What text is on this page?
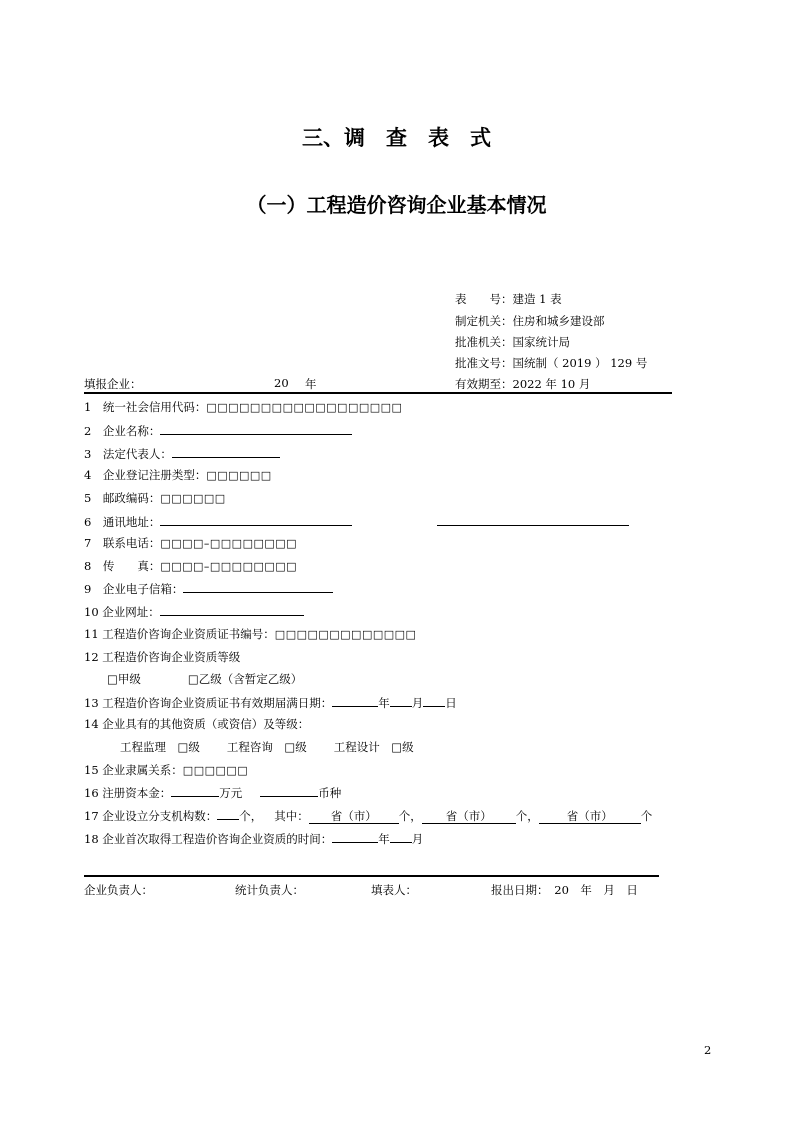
三、调　查　表　式
（一）工程造价咨询企业基本情况
表　　号：建造 1 表
制定机关：住房和城乡建设部
批准机关：国家统计局
批准文号：国统制（ 2019 ） 129 号
有效期至：2022 年 10 月
填报企业：	20 年
1　统一社会信用代码：□□□□□□□□□□□□□□□□□□
2　企业名称：
3　法定代表人：
4　企业登记注册类型：□□□□□□
5　邮政编码：□□□□□□
6　通讯地址：
7　联系电话：□□□□–□□□□□□□□
8　传　　真：□□□□–□□□□□□□□
9　企业电子信箱：
10 企业网址：
11 工程造价咨询企业资质证书编号：□□□□□□□□□□□□□
12 工程造价咨询企业资质等级
□甲级	□乙级（含暂定乙级）
13 工程造价咨询企业资质证书有效期届满日期：	年 月 日
14 企业具有的其他资质（或资信）及等级：
工程监理　□级 工程咨询　□级 工程设计　□级
15 企业隶属关系：□□□□□□
16 注册资本金：	万元	币种
17 企业设立分支机构数： 个， 其中： 省（市） 个， 省（市） 个， 省（市） 个
18 企业首次取得工程造价咨询企业资质的时间：	年 月
企业负责人：	统计负责人：	填表人：	报出日期：　20　年　月　日
2
